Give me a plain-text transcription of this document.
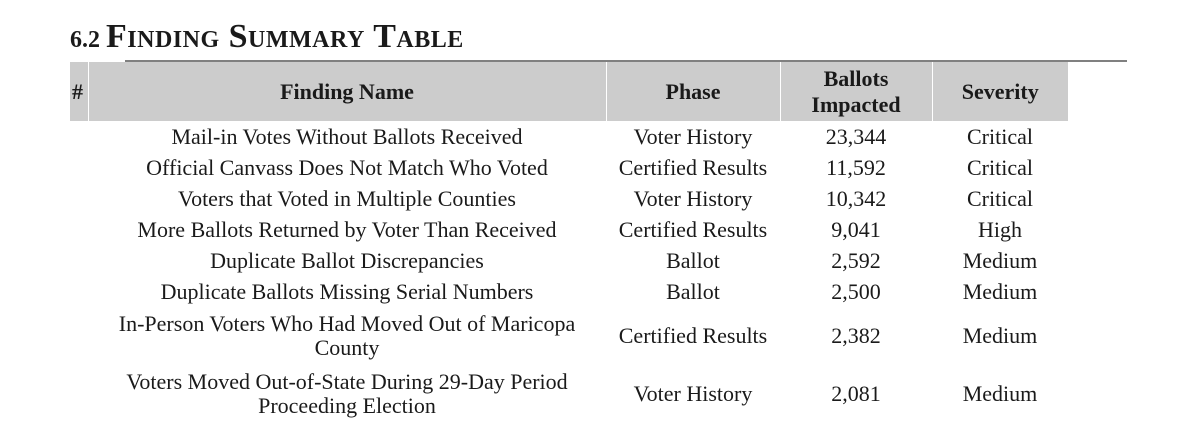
6.2 Finding Summary Table
#	Finding Name	Phase	Ballots Impacted	Severity
	Mail-in Votes Without Ballots Received	Voter History	23,344	Critical
	Official Canvass Does Not Match Who Voted	Certified Results	11,592	Critical
	Voters that Voted in Multiple Counties	Voter History	10,342	Critical
	More Ballots Returned by Voter Than Received	Certified Results	9,041	High
	Duplicate Ballot Discrepancies	Ballot	2,592	Medium
	Duplicate Ballots Missing Serial Numbers	Ballot	2,500	Medium
	In-Person Voters Who Had Moved Out of Maricopa County	Certified Results	2,382	Medium
	Voters Moved Out-of-State During 29-Day Period Proceeding Election	Voter History	2,081	Medium
